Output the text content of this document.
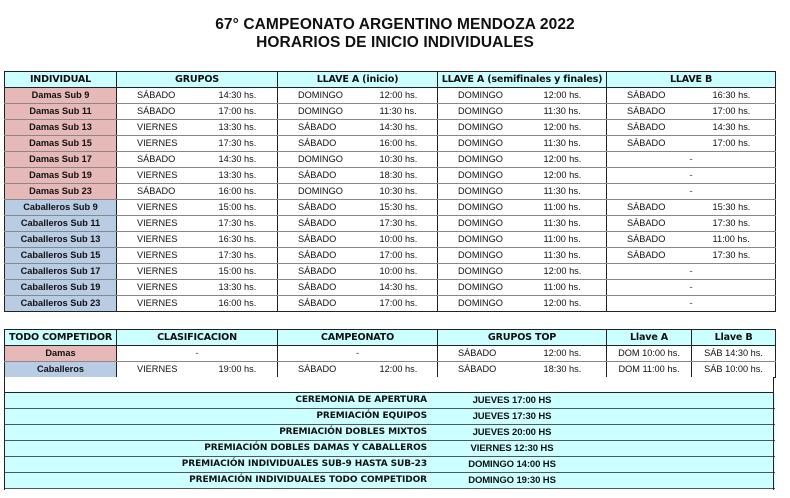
67° CAMPEONATO ARGENTINO MENDOZA 2022
HORARIOS DE INICIO INDIVIDUALES
INDIVIDUAL	GRUPOS		LLAVE A (inicio)		LLAVE A (semifinales y finales)		LLAVE B	
Damas Sub 9	SÁBADO	14:30 hs.	DOMINGO	12:00 hs.	DOMINGO	12:00 hs.	SÁBADO	16:30 hs.
Damas Sub 11	SÁBADO	17:00 hs.	DOMINGO	11:30 hs.	DOMINGO	11:30 hs.	SÁBADO	17:00 hs.
Damas Sub 13	VIERNES	13:30 hs.	SÁBADO	14:30 hs.	DOMINGO	12:00 hs.	SÁBADO	14:30 hs.
Damas Sub 15	VIERNES	17:30 hs.	SÁBADO	16:00 hs.	DOMINGO	11:30 hs.	SÁBADO	17:00 hs.
Damas Sub 17	SÁBADO	14:30 hs.	DOMINGO	10:30 hs.	DOMINGO	12:00 hs.	-	
Damas Sub 19	VIERNES	13:30 hs.	SÁBADO	18:30 hs.	DOMINGO	12:00 hs.	-	
Damas Sub 23	SÁBADO	16:00 hs.	DOMINGO	10:30 hs.	DOMINGO	11:30 hs.	-	
Caballeros Sub 9	VIERNES	15:00 hs.	SÁBADO	15:30 hs.	DOMINGO	11:00 hs.	SÁBADO	15:30 hs.
Caballeros Sub 11	VIERNES	17:30 hs.	SÁBADO	17:30 hs.	DOMINGO	11:30 hs.	SÁBADO	17:30 hs.
Caballeros Sub 13	VIERNES	16:30 hs.	SÁBADO	10:00 hs.	DOMINGO	11:00 hs.	SÁBADO	11:00 hs.
Caballeros Sub 15	VIERNES	17:30 hs.	SÁBADO	17:00 hs.	DOMINGO	11:30 hs.	SÁBADO	17:30 hs.
Caballeros Sub 17	VIERNES	15:00 hs.	SÁBADO	10:00 hs.	DOMINGO	12:00 hs.	-	
Caballeros Sub 19	VIERNES	13:30 hs.	SÁBADO	14:30 hs.	DOMINGO	11:00 hs.	-	
Caballeros Sub 23	VIERNES	16:00 hs.	SÁBADO	17:00 hs.	DOMINGO	12:00 hs.	-	
TODO COMPETIDOR	CLASIFICACION		CAMPEONATO		GRUPOS TOP		Llave A	Llave B
Damas	-		-		SÁBADO	12:00 hs.	DOM 10:00 hs.	SÁB 14:30 hs.
Caballeros	VIERNES	19:00 hs.	SÁBADO	12:00 hs.	SÁBADO	18:30 hs.	DOM 11:00 hs.	SÁB 10:00 hs.
CEREMONIA DE APERTURA	JUEVES 17:00 HS	
PREMIACIÓN EQUIPOS	JUEVES 17:30 HS	
PREMIACIÓN DOBLES MIXTOS	JUEVES 20:00 HS	
PREMIACIÓN DOBLES DAMAS Y CABALLEROS	VIERNES 12:30 HS	
PREMIACIÓN INDIVIDUALES SUB-9 HASTA SUB-23	DOMINGO 14:00 HS	
PREMIACIÓN INDIVIDUALES TODO COMPETIDOR	DOMINGO 19:30 HS	
